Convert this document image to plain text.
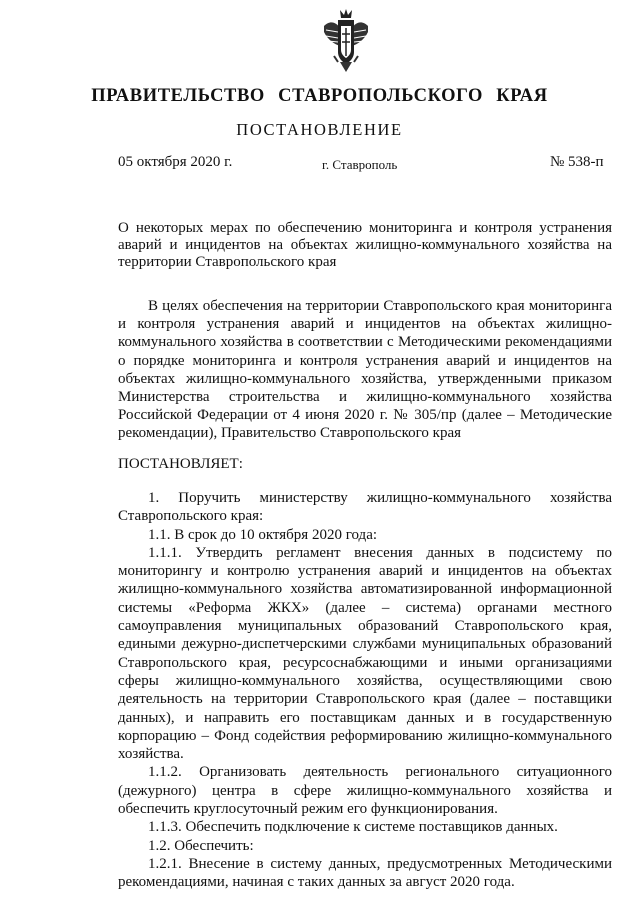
ПРАВИТЕЛЬСТВО СТАВРОПОЛЬСКОГО КРАЯ
ПОСТАНОВЛЕНИЕ
05 октября 2020 г.	г. Ставрополь	№ 538-п
О некоторых мерах по обеспечению мониторинга и контроля устранения аварий и инцидентов на объектах жилищно-коммунального хозяйства на территории Ставропольского края
В целях обеспечения на территории Ставропольского края мониторинга и контроля устранения аварий и инцидентов на объектах жилищно-коммунального хозяйства в соответствии с Методическими рекомендациями о порядке мониторинга и контроля устранения аварий и инцидентов на объектах жилищно-коммунального хозяйства, утвержденными приказом Министерства строительства и жилищно-коммунального хозяйства Российской Федерации от 4 июня 2020 г. № 305/пр (далее – Методические рекомендации), Правительство Ставропольского края
ПОСТАНОВЛЯЕТ:

1. Поручить министерству жилищно-коммунального хозяйства Ставропольского края:

1.1. В срок до 10 октября 2020 года:

1.1.1. Утвердить регламент внесения данных в подсистему по мониторингу и контролю устранения аварий и инцидентов на объектах жилищно-коммунального хозяйства автоматизированной информационной системы «Реформа ЖКХ» (далее – система) органами местного самоуправления муниципальных образований Ставропольского края, едиными дежурно-диспетчерскими службами муниципальных образований Ставропольского края, ресурсоснабжающими и иными организациями сферы жилищно-коммунального хозяйства, осуществляющими свою деятельность на территории Ставропольского края (далее – поставщики данных), и направить его поставщикам данных и в государственную корпорацию – Фонд содействия реформированию жилищно-коммунального хозяйства.

1.1.2. Организовать деятельность регионального ситуационного (дежурного) центра в сфере жилищно-коммунального хозяйства и обеспечить круглосуточный режим его функционирования.

1.1.3. Обеспечить подключение к системе поставщиков данных.

1.2. Обеспечить:

1.2.1. Внесение в систему данных, предусмотренных Методическими рекомендациями, начиная с таких данных за август 2020 года.
